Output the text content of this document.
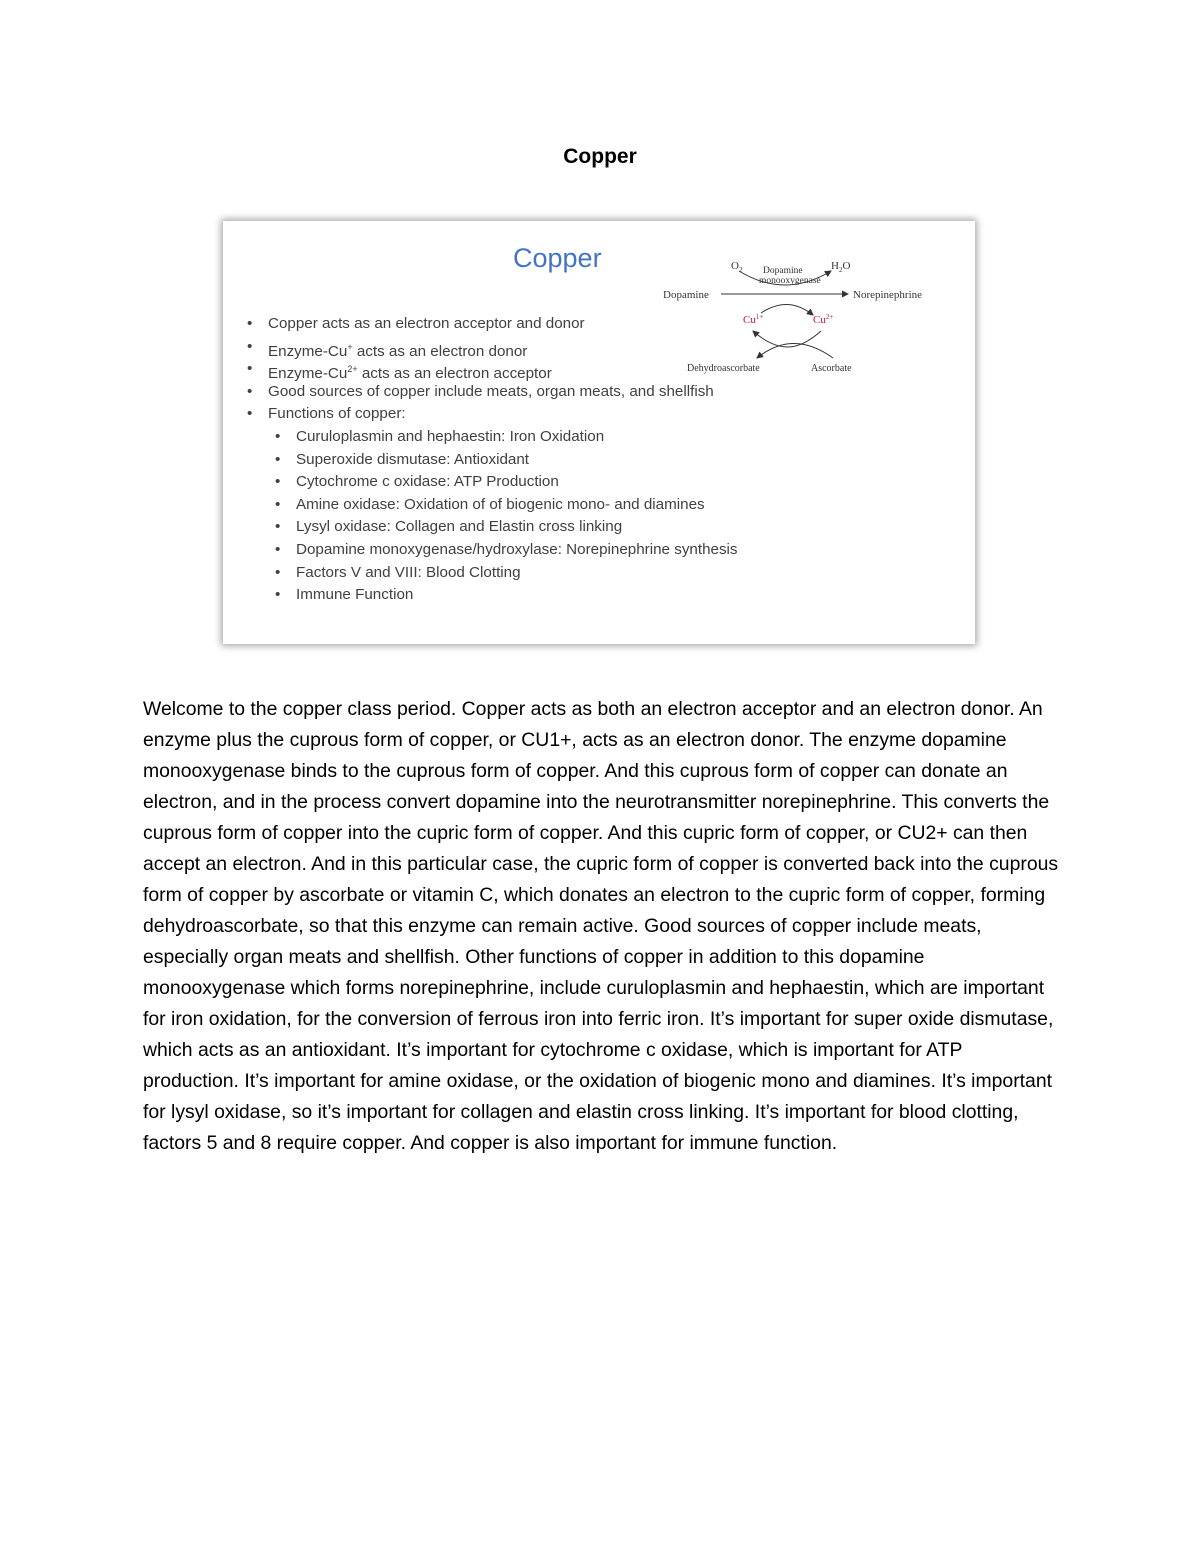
Copper
Copper
• Copper acts as an electron acceptor and donor
• Enzyme-Cu+ acts as an electron donor
• Enzyme-$Cu^{2+}$ acts as an electron acceptor
• Good sources of copper include meats, organ meats, and shellfish
• Functions of copper:
• Curuloplasmin and hephaestin: Iron Oxidation
• Superoxide dismutase: Antioxidant
• Cytochrome c oxidase: ATP Production
• Amine oxidase: Oxidation of of biogenic mono- and diamines
• Lysyl oxidase: Collagen and Elastin cross linking
• Dopamine monoxygenase/hydroxylase: Norepinephrine synthesis
• Factors V and VIII: Blood Clotting
• Immune Function
Dopamine	Norepinephrine
$O_2$	$H_2O$
Dopamine
monooxygenase
$Cu^{1+}$	$Cu^{2+}$
Dehydroascorbate	Ascorbate

Welcome to the copper class period. Copper acts as both an electron acceptor and an electron donor. An enzyme plus the cuprous form of copper, or CU1+, acts as an electron donor. The enzyme dopamine monooxygenase binds to the cuprous form of copper. And this cuprous form of copper can donate an electron, and in the process convert dopamine into the neurotransmitter norepinephrine. This converts the cuprous form of copper into the cupric form of copper. And this cupric form of copper, or CU2+ can then accept an electron. And in this particular case, the cupric form of copper is converted back into the cuprous form of copper by ascorbate or vitamin C, which donates an electron to the cupric form of copper, forming dehydroascorbate, so that this enzyme can remain active. Good sources of copper include meats, especially organ meats and shellfish. Other functions of copper in addition to this dopamine monooxygenase which forms norepinephrine, include curuloplasmin and hephaestin, which are important for iron oxidation, for the conversion of ferrous iron into ferric iron. It’s important for super oxide dismutase, which acts as an antioxidant. It’s important for cytochrome c oxidase, which is important for ATP production. It’s important for amine oxidase, or the oxidation of biogenic mono and diamines. It’s important for lysyl oxidase, so it’s important for collagen and elastin cross linking. It’s important for blood clotting, factors 5 and 8 require copper. And copper is also important for immune function.
